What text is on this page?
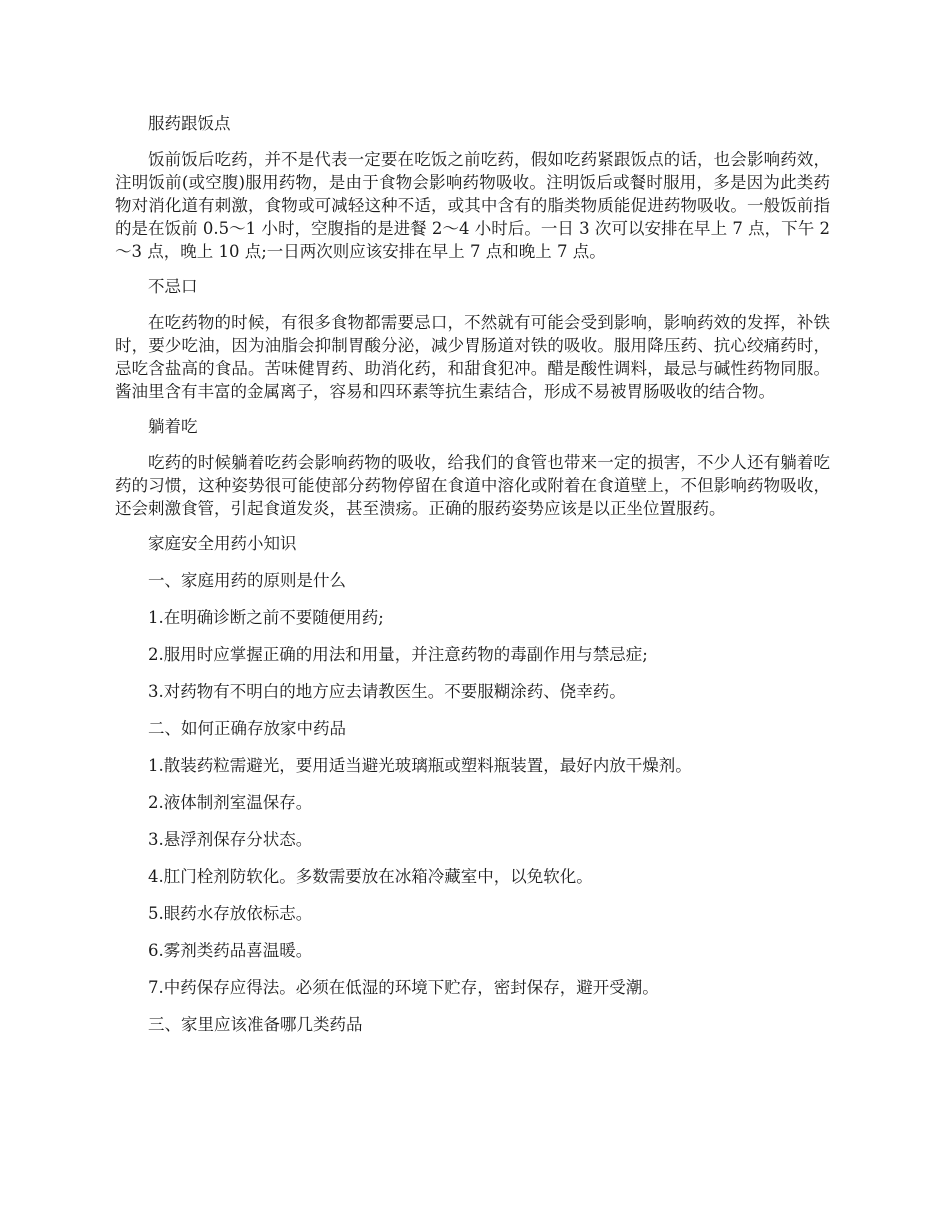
服药跟饭点

饭前饭后吃药，并不是代表一定要在吃饭之前吃药，假如吃药紧跟饭点的话，也会影响药效，注明饭前(或空腹)服用药物，是由于食物会影响药物吸收。注明饭后或餐时服用，多是因为此类药物对消化道有刺激，食物或可减轻这种不适，或其中含有的脂类物质能促进药物吸收。一般饭前指的是在饭前 0.5～1 小时，空腹指的是进餐 2～4 小时后。一日 3 次可以安排在早上 7 点，下午 2～3 点，晚上 10 点;一日两次则应该安排在早上 7 点和晚上 7 点。

不忌口

在吃药物的时候，有很多食物都需要忌口，不然就有可能会受到影响，影响药效的发挥，补铁时，要少吃油，因为油脂会抑制胃酸分泌，减少胃肠道对铁的吸收。服用降压药、抗心绞痛药时，忌吃含盐高的食品。苦味健胃药、助消化药，和甜食犯冲。醋是酸性调料，最忌与碱性药物同服。酱油里含有丰富的金属离子，容易和四环素等抗生素结合，形成不易被胃肠吸收的结合物。

躺着吃

吃药的时候躺着吃药会影响药物的吸收，给我们的食管也带来一定的损害，不少人还有躺着吃药的习惯，这种姿势很可能使部分药物停留在食道中溶化或附着在食道壁上，不但影响药物吸收，还会刺激食管，引起食道发炎，甚至溃疡。正确的服药姿势应该是以正坐位置服药。

家庭安全用药小知识

一、家庭用药的原则是什么

1.在明确诊断之前不要随便用药;

2.服用时应掌握正确的用法和用量，并注意药物的毒副作用与禁忌症;

3.对药物有不明白的地方应去请教医生。不要服糊涂药、侥幸药。

二、如何正确存放家中药品

1.散装药粒需避光，要用适当避光玻璃瓶或塑料瓶装置，最好内放干燥剂。

2.液体制剂室温保存。

3.悬浮剂保存分状态。

4.肛门栓剂防软化。多数需要放在冰箱冷藏室中，以免软化。

5.眼药水存放依标志。

6.雾剂类药品喜温暖。

7.中药保存应得法。必须在低湿的环境下贮存，密封保存，避开受潮。

三、家里应该准备哪几类药品
